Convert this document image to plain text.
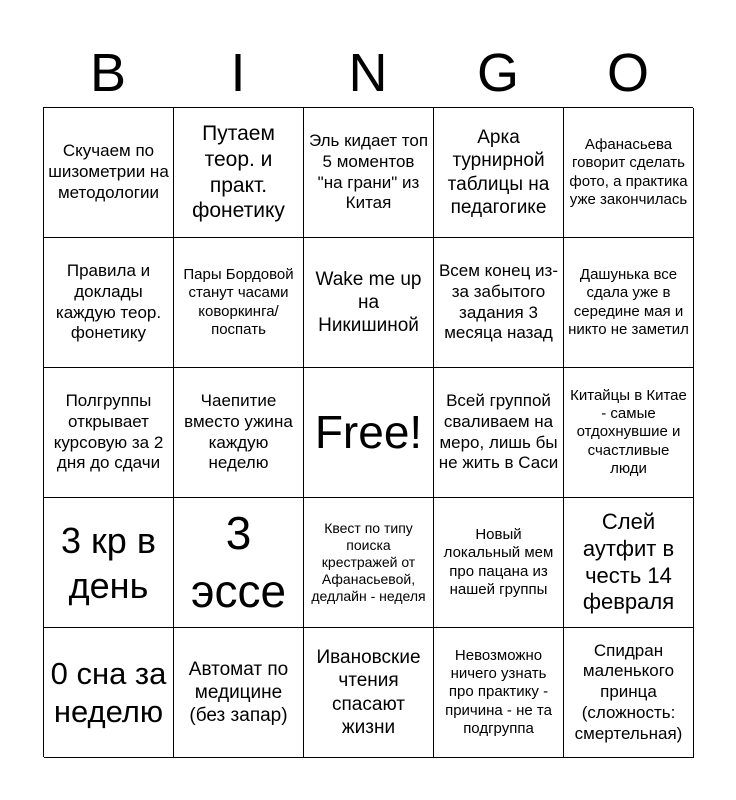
B	I	N	G	O
Скучаем по шизометрии на методологии
Путаем теор. и практ. фонетику
Эль кидает топ 5 моментов "на грани" из Китая
Арка турнирной таблицы на педагогике
Афанасьева говорит сделать фото, а практика уже закончилась
Правила и доклады каждую теор. фонетику
Пары Бордовой станут часами коворкинга/ поспать
Wake me up на Никишиной
Всем конец из-за забытого задания 3 месяца назад
Дашунька все сдала уже в середине мая и никто не заметил
Полгруппы открывает курсовую за 2 дня до сдачи
Чаепитие вместо ужина каждую неделю
Free!
Всей группой сваливаем на меро, лишь бы не жить в Саси
Китайцы в Китае - самые отдохнувшие и счастливые люди
3 кр в день
3 эссе
Квест по типу поиска крестражей от Афанасьевой, дедлайн - неделя
Новый локальный мем про пацана из нашей группы
Слей аутфит в честь 14 февраля
0 сна за неделю
Автомат по медицине (без запар)
Ивановские чтения спасают жизни
Невозможно ничего узнать про практику - причина - не та подгруппа
Спидран маленького принца (сложность: смертельная)
